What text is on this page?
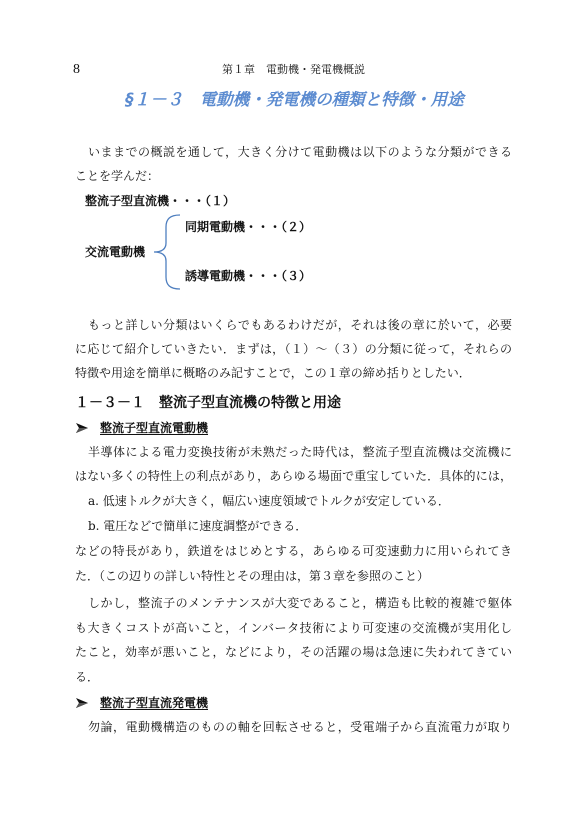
8	第１章　電動機・発電機概説
§１－３　電動機・発電機の種類と特徴・用途
いままでの概説を通して，大きく分けて電動機は以下のような分類ができる
ことを学んだ：
整流子型直流機・・・（１）
同期電動機・・・（２）
交流電動機
誘導電動機・・・（３）
もっと詳しい分類はいくらでもあるわけだが，それは後の章に於いて，必要
に応じて紹介していきたい．まずは，（１）～（３）の分類に従って，それらの
特徴や用途を簡単に概略のみ記すことで，この１章の締め括りとしたい．
１－３－１　整流子型直流機の特徴と用途
整流子型直流電動機
半導体による電力変換技術が未熟だった時代は，整流子型直流機は交流機に
はない多くの特性上の利点があり，あらゆる場面で重宝していた．具体的には，
a. 低速トルクが大きく，幅広い速度領域でトルクが安定している．
b. 電圧などで簡単に速度調整ができる．
などの特長があり，鉄道をはじめとする，あらゆる可変速動力に用いられてき
た．（この辺りの詳しい特性とその理由は，第３章を参照のこと）
しかし，整流子のメンテナンスが大変であること，構造も比較的複雑で躯体
も大きくコストが高いこと，インバータ技術により可変速の交流機が実用化し
たこと，効率が悪いこと，などにより，その活躍の場は急速に失われてきてい
る．
整流子型直流発電機
勿論，電動機構造のものの軸を回転させると，受電端子から直流電力が取り
